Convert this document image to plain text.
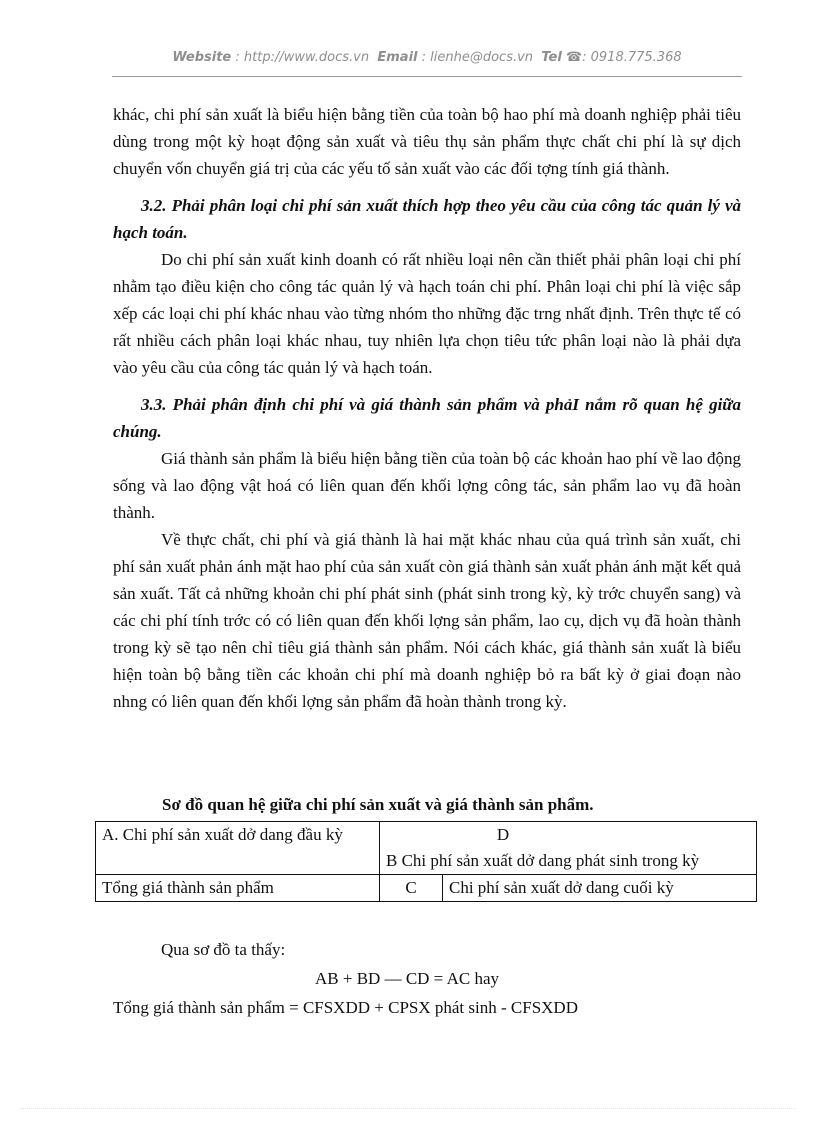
Website : http://www.docs.vn Email : lienhe@docs.vn Tel ☎: 0918.775.368

khác, chi phí sản xuất là biểu hiện bằng tiền của toàn bộ hao phí mà doanh nghiệp phải tiêu dùng trong một kỳ hoạt động sản xuất và tiêu thụ sản phẩm thực chất chi phí là sự dịch chuyển vốn chuyển giá trị của các yếu tố sản xuất vào các đối tợng tính giá thành.

3.2. Phải phân loại chi phí sản xuất thích hợp theo yêu cầu của công tác quản lý và hạch toán.

Do chi phí sản xuất kinh doanh có rất nhiều loại nên cần thiết phải phân loại chi phí nhằm tạo điều kiện cho công tác quản lý và hạch toán chi phí. Phân loại chi phí là việc sắp xếp các loại chi phí khác nhau vào từng nhóm tho những đặc trng nhất định. Trên thực tế có rất nhiều cách phân loại khác nhau, tuy nhiên lựa chọn tiêu tức phân loại nào là phải dựa vào yêu cầu của công tác quản lý và hạch toán.

3.3. Phải phân định chi phí và giá thành sản phẩm và phảI nắm rõ quan hệ giữa chúng.

Giá thành sản phẩm là biểu hiện bằng tiền của toàn bộ các khoản hao phí về lao động sống và lao động vật hoá có liên quan đến khối lợng công tác, sản phẩm lao vụ đã hoàn thành.

Về thực chất, chi phí và giá thành là hai mặt khác nhau của quá trình sản xuất, chi phí sản xuất phản ánh mặt hao phí của sản xuất còn giá thành sản xuất phản ánh mặt kết quả sản xuất. Tất cả những khoản chi phí phát sinh (phát sinh trong kỳ, kỳ trớc chuyển sang) và các chi phí tính trớc có có liên quan đến khối lợng sản phẩm, lao cụ, dịch vụ đã hoàn thành trong kỳ sẽ tạo nên chỉ tiêu giá thành sản phẩm. Nói cách khác, giá thành sản xuất là biểu hiện toàn bộ bằng tiền các khoản chi phí mà doanh nghiệp bỏ ra bất kỳ ở giai đoạn nào nhng có liên quan đến khối lợng sản phẩm đã hoàn thành trong kỳ.

Sơ đồ quan hệ giữa chi phí sản xuất và giá thành sản phẩm.
A. Chi phí sản xuất dở dang đầu kỳ	D
B Chi phí sản xuất dở dang phát sinh trong kỳ	

Tổng giá thành sản phẩm	C	Chi phí sản xuất dở dang cuối kỳ
Qua sơ đồ ta thấy:
AB + BD — CD = AC hay
Tổng giá thành sản phẩm = CFSXDD + CPSX phát sinh - CFSXDD
